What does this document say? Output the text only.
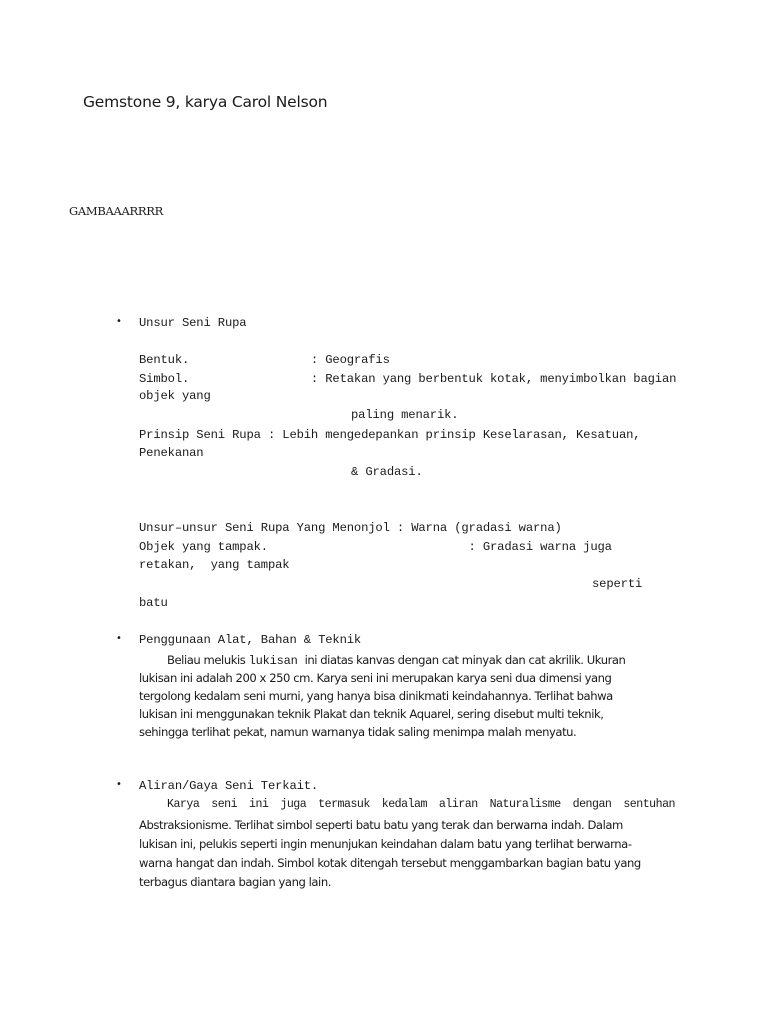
Gemstone 9, karya Carol Nelson
GAMBAAARRRR
• Unsur Seni Rupa
Bentuk.                 : Geografis
Simbol.                 : Retakan yang berbentuk kotak, menyimbolkan bagian
objek yang
paling menarik.
Prinsip Seni Rupa : Lebih mengedepankan prinsip Keselarasan, Kesatuan,
Penekanan
& Gradasi.
Unsur–unsur Seni Rupa Yang Menonjol : Warna (gradasi warna)
Objek yang tampak.                            : Gradasi warna juga
retakan,  yang tampak
seperti
batu
• Penggunaan Alat, Bahan & Teknik
Beliau melukis lukisan ini diatas kanvas dengan cat minyak dan cat akrilik. Ukuran
lukisan ini adalah 200 x 250 cm. Karya seni ini merupakan karya seni dua dimensi yang
tergolong kedalam seni murni, yang hanya bisa dinikmati keindahannya. Terlihat bahwa
lukisan ini menggunakan teknik Plakat dan teknik Aquarel, sering disebut multi teknik,
sehingga terlihat pekat, namun warnanya tidak saling menimpa malah menyatu.
• Aliran/Gaya Seni Terkait.
Karya seni ini juga termasuk kedalam aliran Naturalisme dengan sentuhan
Abstraksionisme. Terlihat simbol seperti batu batu yang terak dan berwarna indah. Dalam
lukisan ini, pelukis seperti ingin menunjukan keindahan dalam batu yang terlihat berwarna-
warna hangat dan indah. Simbol kotak ditengah tersebut menggambarkan bagian batu yang
terbagus diantara bagian yang lain.
